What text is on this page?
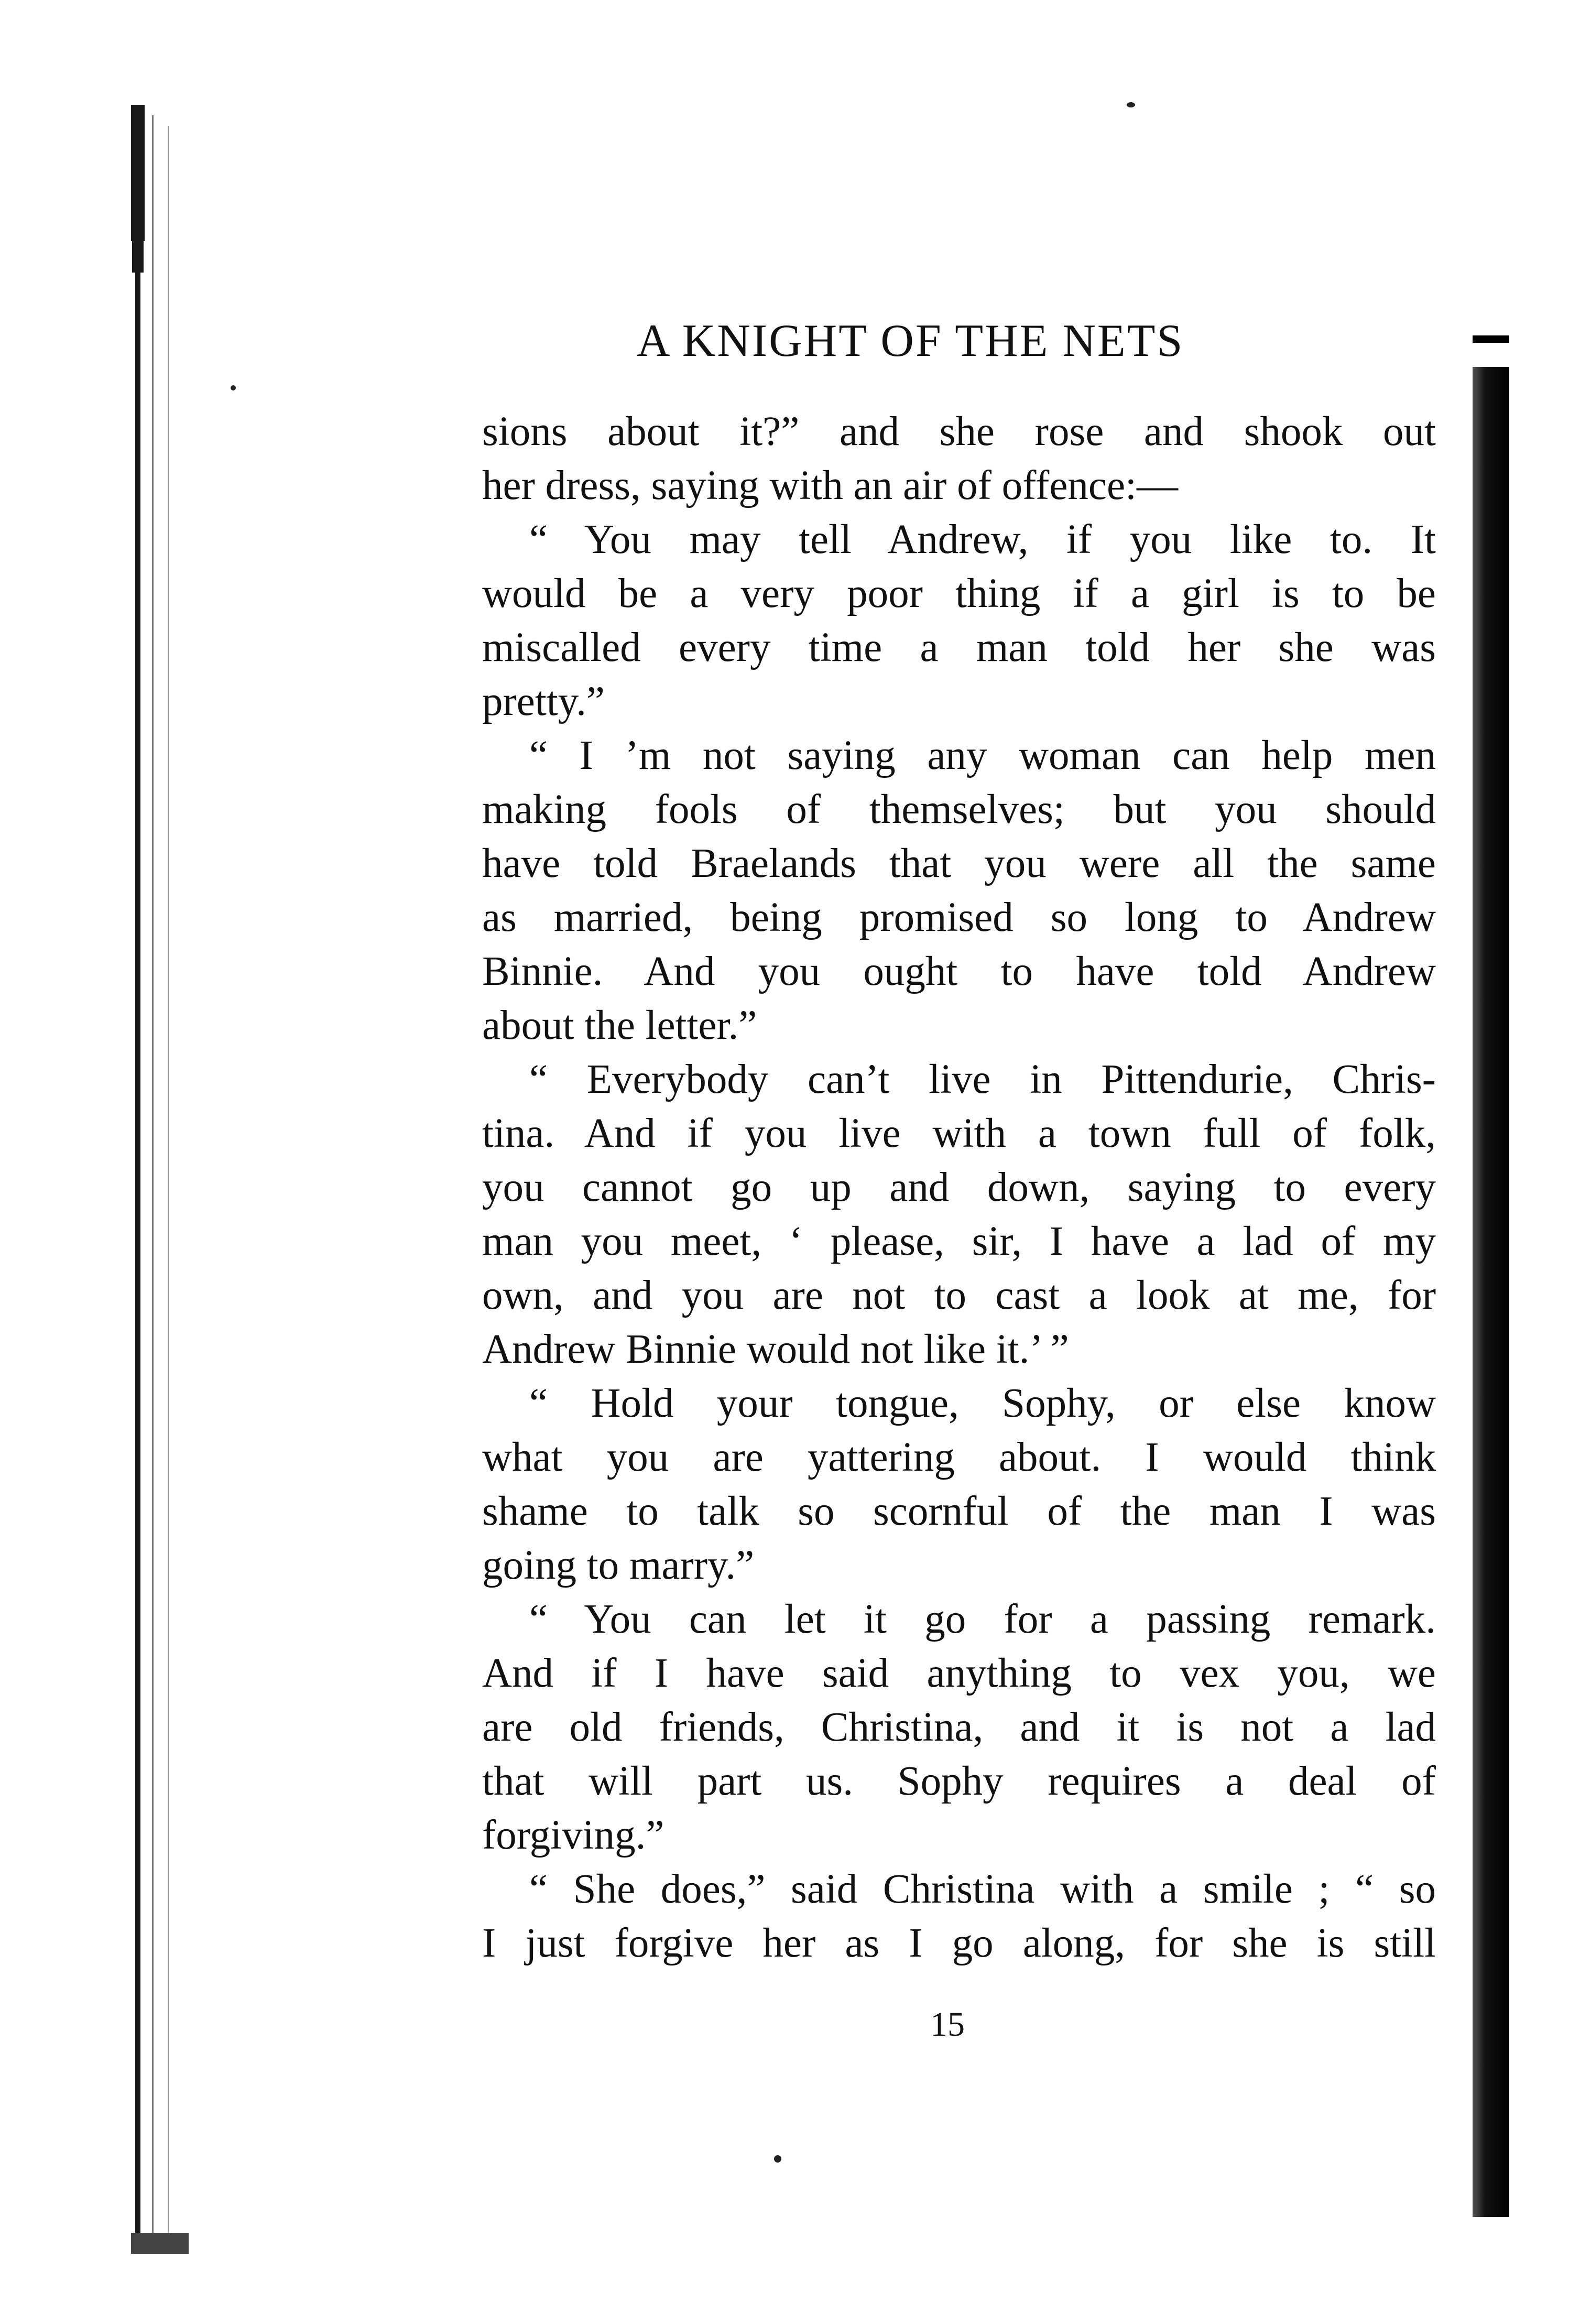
A KNIGHT OF THE NETS
sions about it?” and she rose and shook out
her dress, saying with an air of offence:—
“ You may tell Andrew, if you like to. It
would be a very poor thing if a girl is to be
miscalled every time a man told her she was
pretty.”
“ I ’m not saying any woman can help men
making fools of themselves; but you should
have told Braelands that you were all the same
as married, being promised so long to Andrew
Binnie. And you ought to have told Andrew
about the letter.”
“ Everybody can’t live in Pittendurie, Chris-
tina. And if you live with a town full of folk,
you cannot go up and down, saying to every
man you meet, ‘ please, sir, I have a lad of my
own, and you are not to cast a look at me, for
Andrew Binnie would not like it.’ ”
“ Hold your tongue, Sophy, or else know
what you are yattering about. I would think
shame to talk so scornful of the man I was
going to marry.”
“ You can let it go for a passing remark.
And if I have said anything to vex you, we
are old friends, Christina, and it is not a lad
that will part us. Sophy requires a deal of
forgiving.”
“ She does,” said Christina with a smile ; “ so
I just forgive her as I go along, for she is still
15
